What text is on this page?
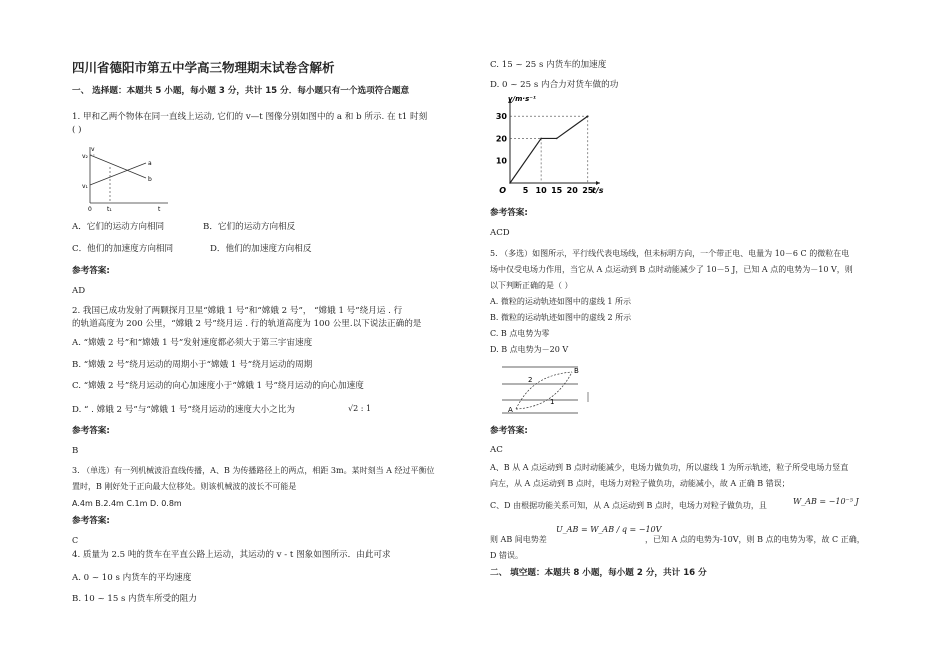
四川省德阳市第五中学高三物理期末试卷含解析
一、 选择题：本题共 5 小题，每小题 3 分，共计 15 分．每小题只有一个选项符合题意
1. 甲和乙两个物体在同一直线上运动, 它们的 v—t 图像分别如图中的 a 和 b 所示. 在 t1 时刻
( )
v
v₂
v₁
a
b
0	t₁	t
A．它们的运动方向相同	B．它们的运动方向相反
C．他们的加速度方向相同	D．他们的加速度方向相反
参考答案:
AD
2. 我国已成功发射了两颗探月卫星“嫦娥 1 号”和“嫦娥 2 号”， “嫦娥 1 号”绕月运 . 行
的轨道高度为 200 公里，“嫦娥 2 号”绕月运 . 行的轨道高度为 100 公里.以下说法正确的是
A. “嫦娥 2 号”和“嫦娥 1 号”发射速度都必须大于第三宇宙速度
B. “嫦娥 2 号”绕月运动的周期小于“嫦娥 1 号”绕月运动的周期
C. “嫦娥 2 号”绕月运动的向心加速度小于“嫦娥 1 号”绕月运动的向心加速度
D. “ . 嫦娥 2 号”与“嫦娥 1 号”绕月运动的速度大小之比为	√2 : 1
参考答案:
B
3. （单选）有一列机械波沿直线传播，A、B 为传播路径上的两点，相距 3m。某时刻当 A 经过平衡位
置时，B 刚好处于正向最大位移处。则该机械波的波长不可能是
A.4m B.2.4m C.1m D. 0.8m
参考答案:
C
4. 质量为 2.5 吨的货车在平直公路上运动，其运动的 v - t 图象如图所示．由此可求
A. 0 ~ 10 s 内货车的平均速度
B. 10 ~ 15 s 内货车所受的阻力
C. 15 ~ 25 s 内货车的加速度
D. 0 ~ 25 s 内合力对货车做的功
5 10 15 20 25
10
20
30
O
v/m·s⁻¹
t/s
参考答案:
ACD
5. （多选）如图所示，平行线代表电场线，但未标明方向，一个带正电、电量为 10－6 C 的微粒在电
场中仅受电场力作用，当它从 A 点运动到 B 点时动能减少了 10－5 J，已知 A 点的电势为－10 V，则
以下判断正确的是（ ）
A. 微粒的运动轨迹如图中的虚线 1 所示
B. 微粒的运动轨迹如图中的虚线 2 所示
C. B 点电势为零
D. B 点电势为－20 V
2
B
1
A
参考答案:
AC
A、B 从 A 点运动到 B 点时动能减少，电场力做负功，所以虚线 1 为所示轨迹，粒子所受电场力竖直
向左，从 A 点运动到 B 点时，电场力对粒子做负功，动能减小，故 A 正确 B 错误；
C、D 由根据功能关系可知，从 A 点运动到 B 点时，电场力对粒子做负功，且	W_AB = −10⁻⁵ J
则 AB 间电势差
U_AB = W_AB / q = −10V
，已知 A 点的电势为-10V，则 B 点的电势为零，故 C 正确，
D 错误。
二、 填空题：本题共 8 小题，每小题 2 分，共计 16 分
